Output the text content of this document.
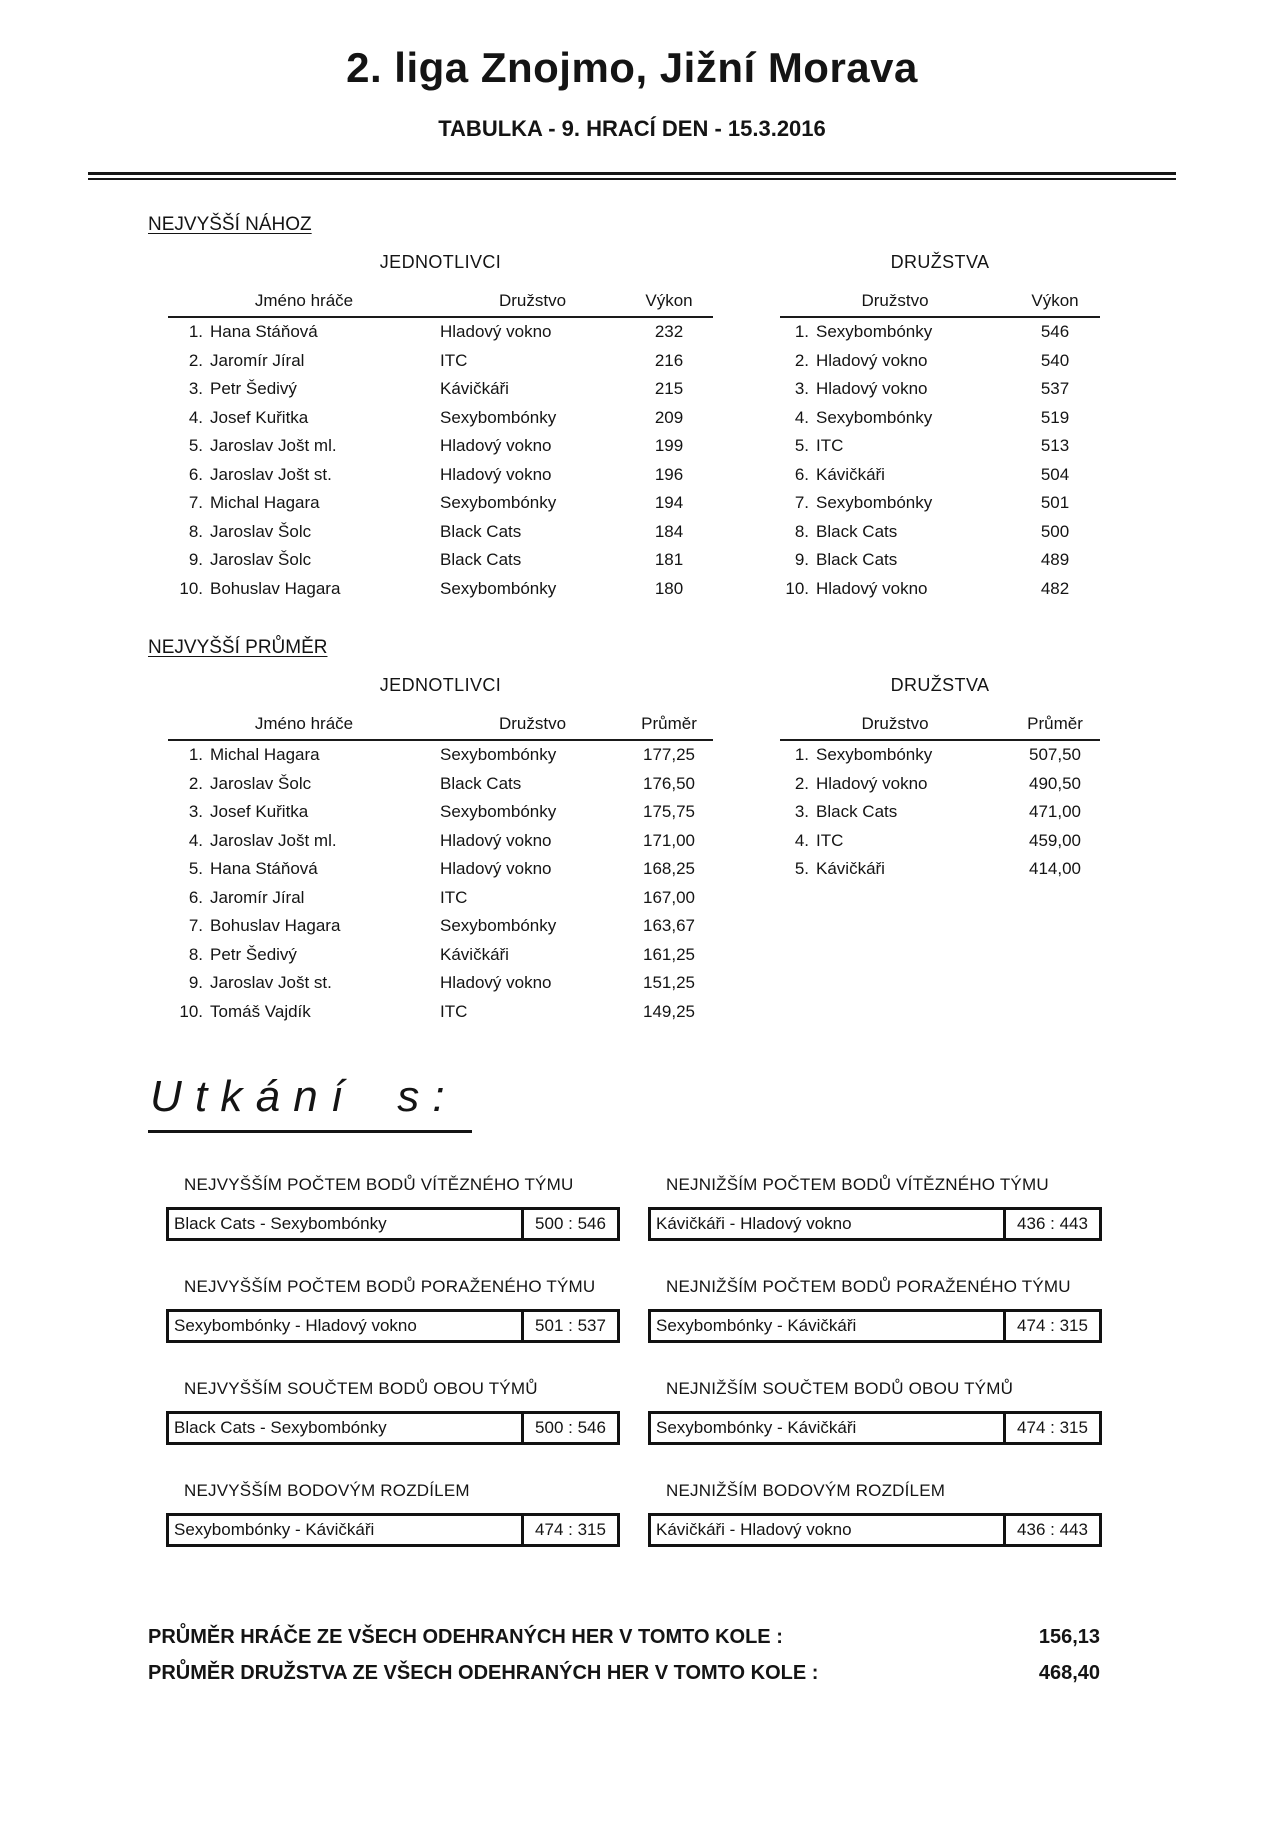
2. liga Znojmo, Jižní Morava
TABULKA - 9. HRACÍ DEN - 15.3.2016
NEJVYŠŠÍ NÁHOZ
JEDNOTLIVCI
Jméno hráče	Družstvo	Výkon
1. Hana Stáňová	Hladový vokno	232
2. Jaromír Jíral	ITC	216
3. Petr Šedivý	Kávičkáři	215
4. Josef Kuřitka	Sexybombónky	209
5. Jaroslav Jošt ml.	Hladový vokno	199
6. Jaroslav Jošt st.	Hladový vokno	196
7. Michal Hagara	Sexybombónky	194
8. Jaroslav Šolc	Black Cats	184
9. Jaroslav Šolc	Black Cats	181
10. Bohuslav Hagara	Sexybombónky	180
DRUŽSTVA
Družstvo	Výkon
1. Sexybombónky	546
2. Hladový vokno	540
3. Hladový vokno	537
4. Sexybombónky	519
5. ITC	513
6. Kávičkáři	504
7. Sexybombónky	501
8. Black Cats	500
9. Black Cats	489
10. Hladový vokno	482
NEJVYŠŠÍ PRŮMĚR
JEDNOTLIVCI
Jméno hráče	Družstvo	Průměr
1. Michal Hagara	Sexybombónky	177,25
2. Jaroslav Šolc	Black Cats	176,50
3. Josef Kuřitka	Sexybombónky	175,75
4. Jaroslav Jošt ml.	Hladový vokno	171,00
5. Hana Stáňová	Hladový vokno	168,25
6. Jaromír Jíral	ITC	167,00
7. Bohuslav Hagara	Sexybombónky	163,67
8. Petr Šedivý	Kávičkáři	161,25
9. Jaroslav Jošt st.	Hladový vokno	151,25
10. Tomáš Vajdík	ITC	149,25
DRUŽSTVA
Družstvo	Průměr
1. Sexybombónky	507,50
2. Hladový vokno	490,50
3. Black Cats	471,00
4. ITC	459,00
5. Kávičkáři	414,00
Utkání s:
NEJVYŠŠÍM POČTEM BODŮ VÍTĚZNÉHO TÝMU
Black Cats - Sexybombónky	500 : 546
NEJNIŽŠÍM POČTEM BODŮ VÍTĚZNÉHO TÝMU
Kávičkáři - Hladový vokno	436 : 443
NEJVYŠŠÍM POČTEM BODŮ PORAŽENÉHO TÝMU
Sexybombónky - Hladový vokno	501 : 537
NEJNIŽŠÍM POČTEM BODŮ PORAŽENÉHO TÝMU
Sexybombónky - Kávičkáři	474 : 315
NEJVYŠŠÍM SOUČTEM BODŮ OBOU TÝMŮ
Black Cats - Sexybombónky	500 : 546
NEJNIŽŠÍM SOUČTEM BODŮ OBOU TÝMŮ
Sexybombónky - Kávičkáři	474 : 315
NEJVYŠŠÍM BODOVÝM ROZDÍLEM
Sexybombónky - Kávičkáři	474 : 315
NEJNIŽŠÍM BODOVÝM ROZDÍLEM
Kávičkáři - Hladový vokno	436 : 443
PRŮMĚR HRÁČE ZE VŠECH ODEHRANÝCH HER V TOMTO KOLE :	156,13
PRŮMĚR DRUŽSTVA ZE VŠECH ODEHRANÝCH HER V TOMTO KOLE :	468,40
